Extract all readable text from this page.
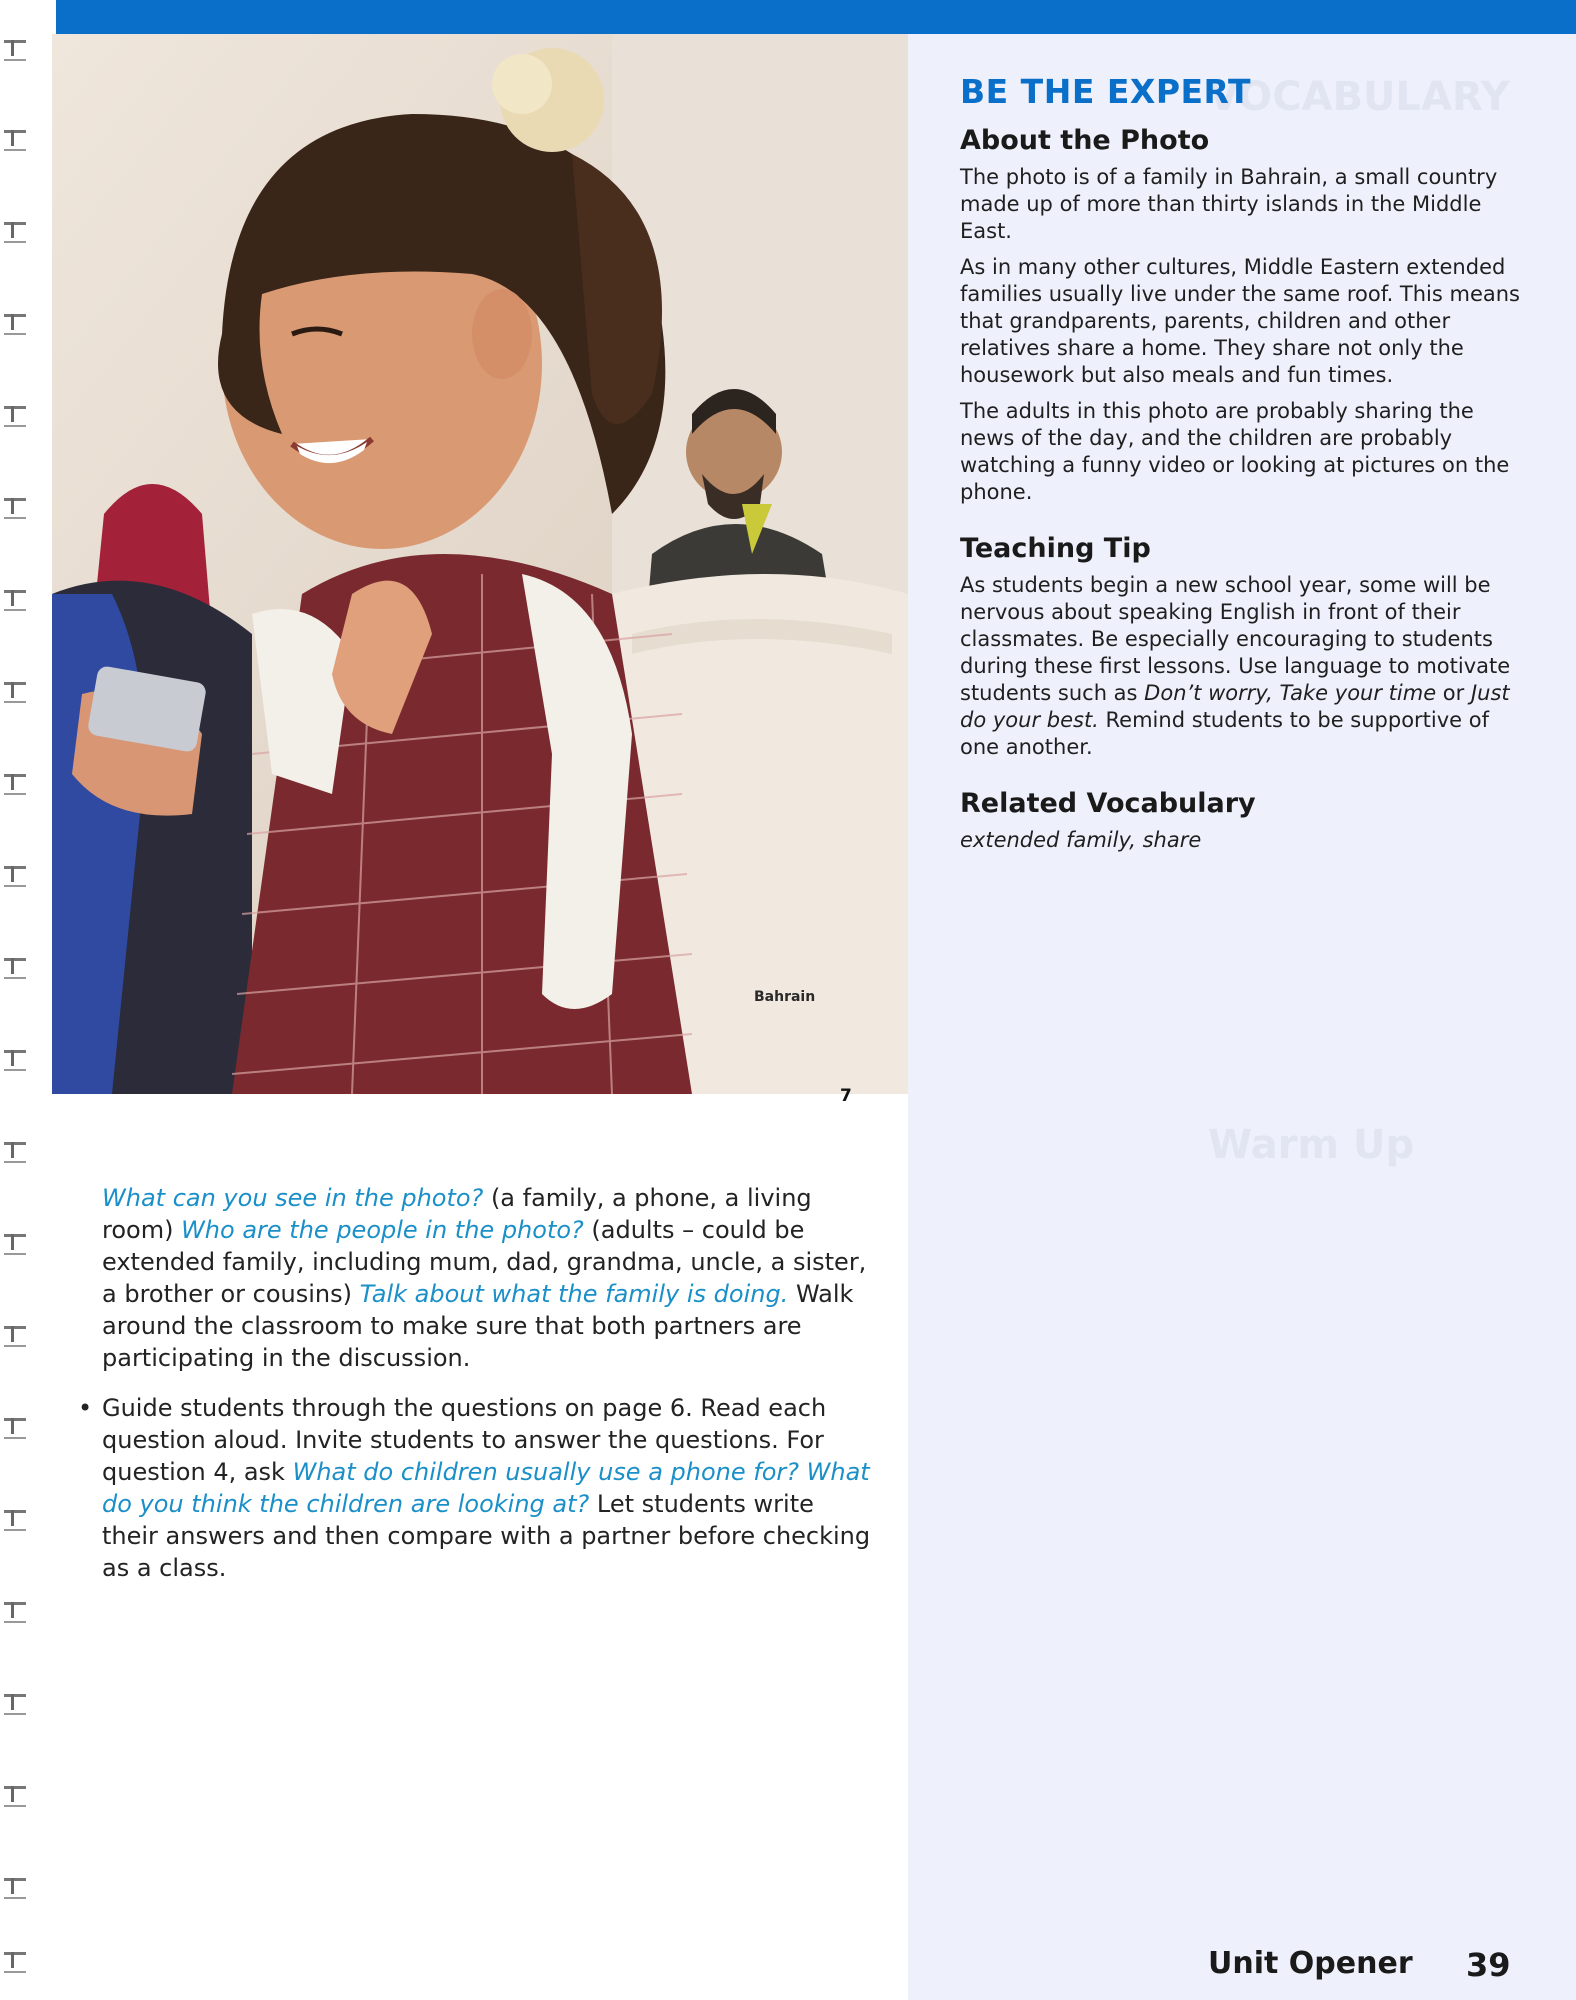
Bahrain
7
VOCABULARY
Warm Up
BE THE EXPERT
About the Photo

The photo is of a family in Bahrain, a small country made up of more than thirty islands in the Middle East.

As in many other cultures, Middle Eastern extended families usually live under the same roof. This means that grandparents, parents, children and other relatives share a home. They share not only the housework but also meals and fun times.

The adults in this photo are probably sharing the news of the day, and the children are probably watching a funny video or looking at pictures on the phone.

Teaching Tip

As students begin a new school year, some will be nervous about speaking English in front of their classmates. Be especially encouraging to students during these first lessons. Use language to motivate students such as Don’t worry, Take your time or Just do your best. Remind students to be supportive of one another.

Related Vocabulary

extended family, share

What can you see in the photo? (a family, a phone, a living room) Who are the people in the photo? (adults – could be extended family, including mum, dad, grandma, uncle, a sister, a brother or cousins) Talk about what the family is doing. Walk around the classroom to make sure that both partners are participating in the discussion.

• Guide students through the questions on page 6. Read each question aloud. Invite students to answer the questions. For question 4, ask What do children usually use a phone for? What do you think the children are looking at? Let students write their answers and then compare with a partner before checking as a class.
Unit Opener 39
